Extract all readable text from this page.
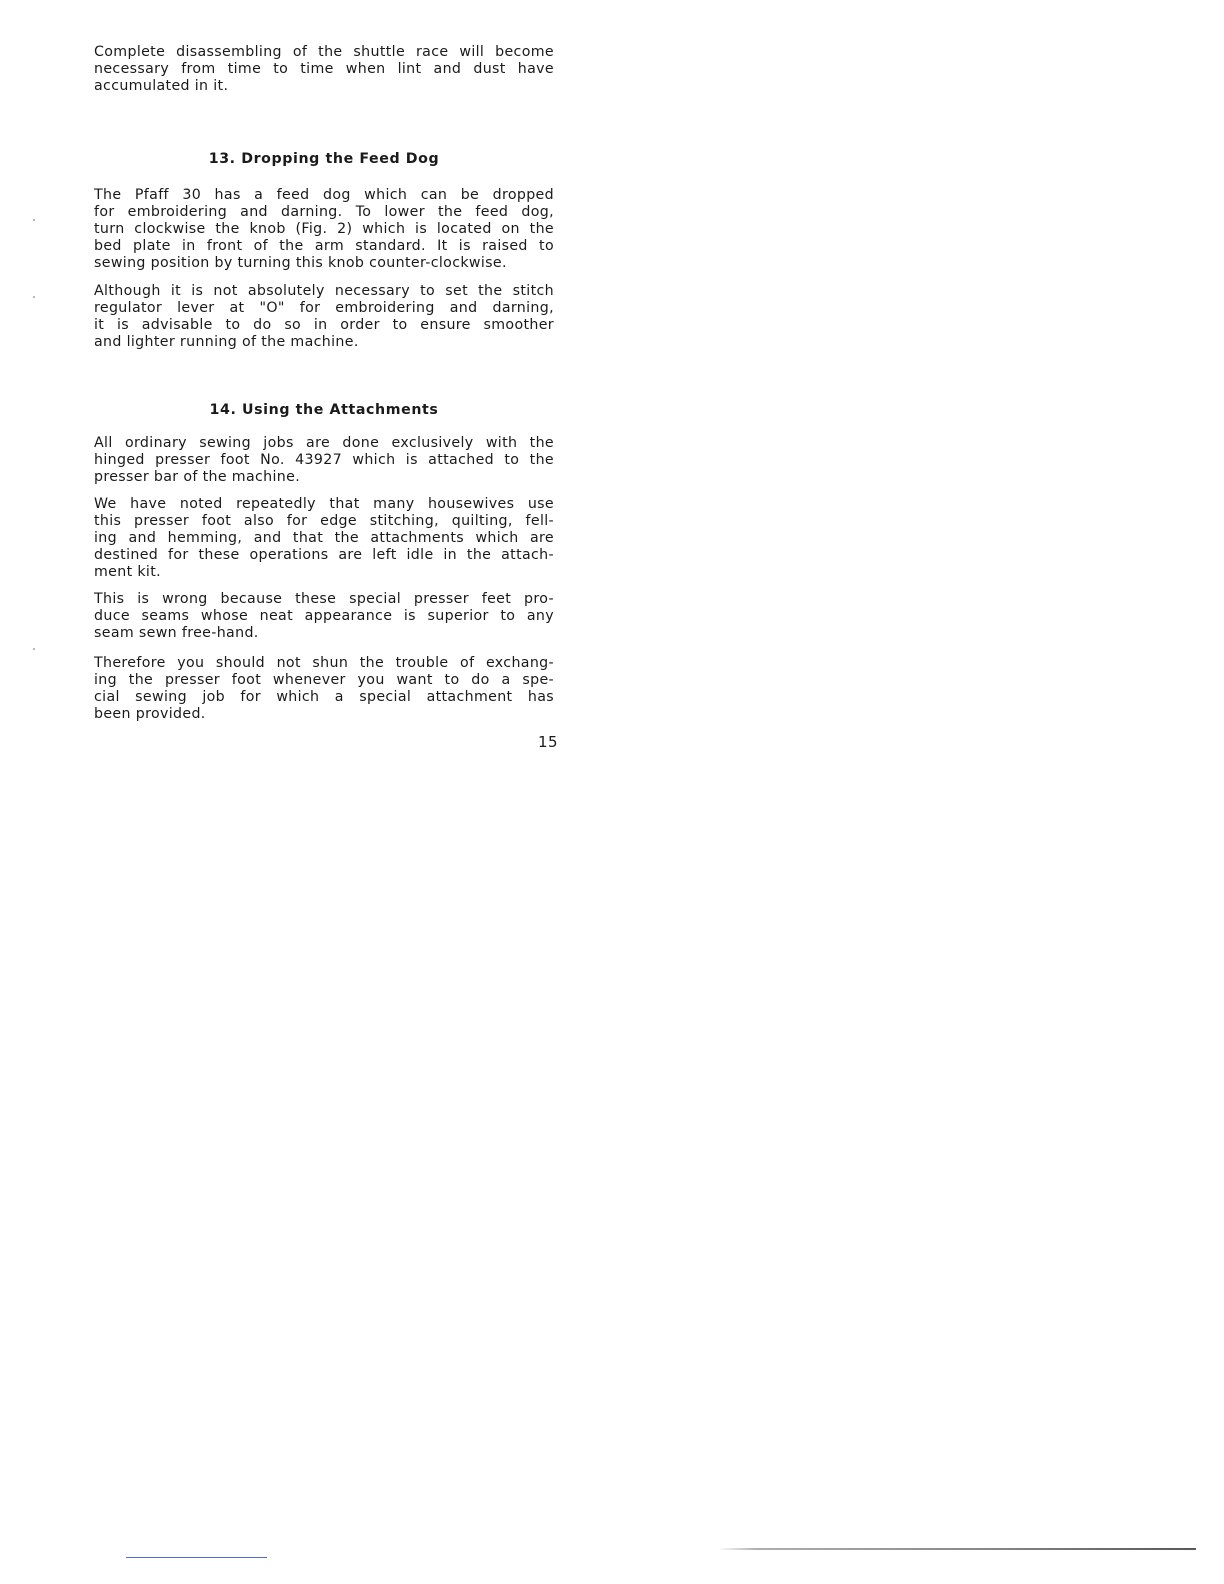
Complete disassembling of the shuttle race will become
necessary from time to time when lint and dust have
accumulated in it.

13. Dropping the Feed Dog

The Pfaff 30 has a feed dog which can be dropped
for embroidering and darning. To lower the feed dog,
turn clockwise the knob (Fig. 2) which is located on the
bed plate in front of the arm standard. It is raised to
sewing position by turning this knob counter-clockwise.

Although it is not absolutely necessary to set the stitch
regulator lever at "O" for embroidering and darning,
it is advisable to do so in order to ensure smoother
and lighter running of the machine.

14. Using the Attachments

All ordinary sewing jobs are done exclusively with the
hinged presser foot No. 43927 which is attached to the
presser bar of the machine.

We have noted repeatedly that many housewives use
this presser foot also for edge stitching, quilting, fell-
ing and hemming, and that the attachments which are
destined for these operations are left idle in the attach-
ment kit.

This is wrong because these special presser feet pro-
duce seams whose neat appearance is superior to any
seam sewn free-hand.

Therefore you should not shun the trouble of exchang-
ing the presser foot whenever you want to do a spe-
cial sewing job for which a special attachment has
been provided.

15
